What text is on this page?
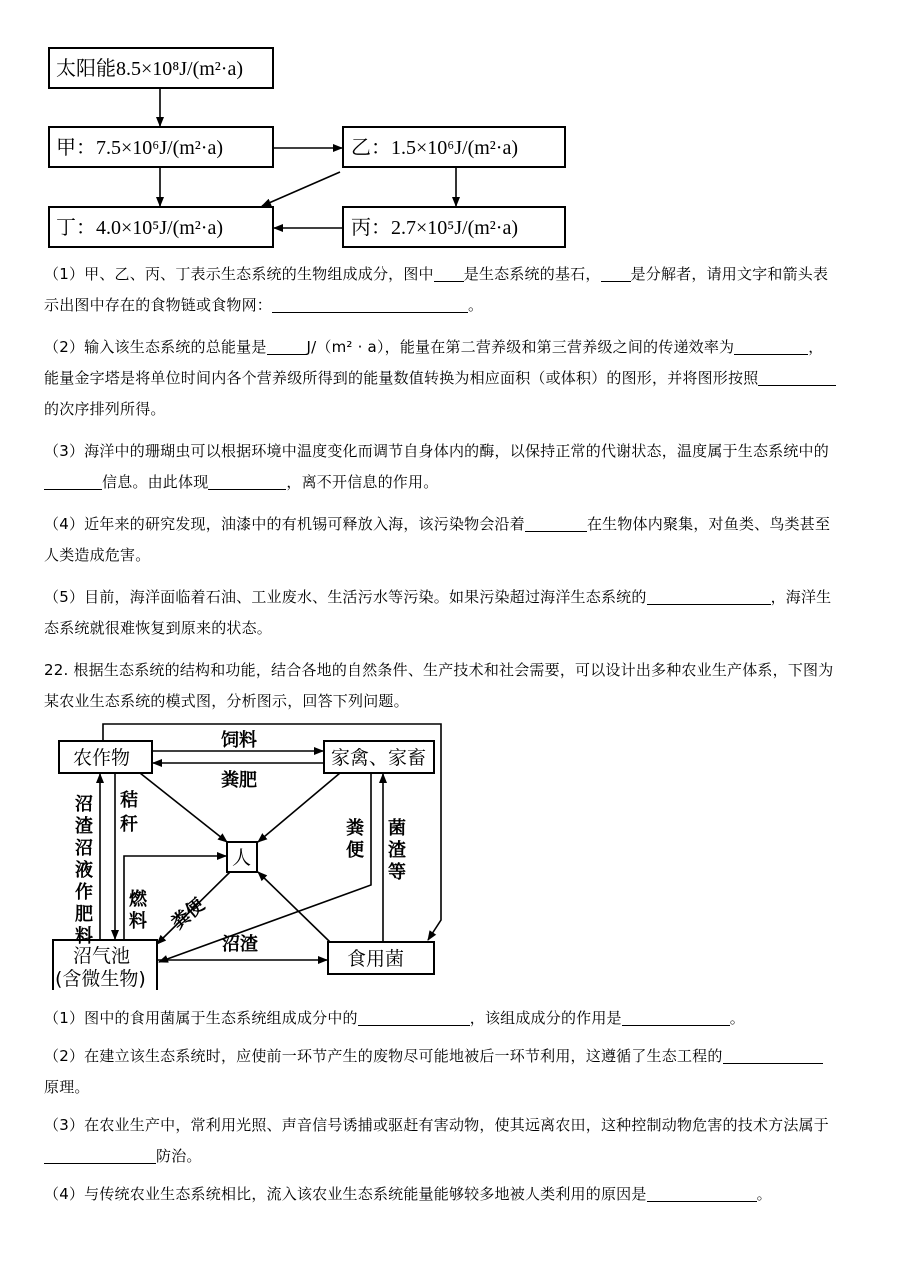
太阳能8.5×10⁸J/(m²·a)
甲：7.5×10⁶J/(m²·a)	乙：1.5×10⁶J/(m²·a)
丁：4.0×10⁵J/(m²·a)	丙：2.7×10⁵J/(m²·a)

（1）甲、乙、丙、丁表示生态系统的生物组成成分，图中 是生态系统的基石， 是分解者，请用文字和箭头表
示出图中存在的食物链或食物网：	。

（2）输入该生态系统的总能量是	J/（m² · a），能量在第二营养级和第三营养级之间的传递效率为	，
能量金字塔是将单位时间内各个营养级所得到的能量数值转换为相应面积（或体积）的图形，并将图形按照
的次序排列所得。

（3）海洋中的珊瑚虫可以根据环境中温度变化而调节自身体内的酶，以保持正常的代谢状态，温度属于生态系统中的
信息。由此体现	，离不开信息的作用。

（4）近年来的研究发现，油漆中的有机锡可释放入海，该污染物会沿着	在生物体内聚集，对鱼类、鸟类甚至
人类造成危害。

（5）目前，海洋面临着石油、工业废水、生活污水等污染。如果污染超过海洋生态系统的	，海洋生
态系统就很难恢复到原来的状态。

22. 根据生态系统的结构和功能，结合各地的自然条件、生产技术和社会需要，可以设计出多种农业生产体系，下图为
某农业生态系统的模式图，分析图示，回答下列问题。

农作物	家禽、家畜
人
沼气池
(含微生物)
食用菌
饲料
粪肥
秸
秆
沼
渣
沼
液
作
肥
料
燃
料 粪便
粪
便
菌
渣
等
沼渣

（1）图中的食用菌属于生态系统组成成分中的	，该组成成分的作用是	。

（2）在建立该生态系统时，应使前一环节产生的废物尽可能地被后一环节利用，这遵循了生态工程的
原理。

（3）在农业生产中，常利用光照、声音信号诱捕或驱赶有害动物，使其远离农田，这种控制动物危害的技术方法属于
防治。

（4）与传统农业生态系统相比，流入该农业生态系统能量能够较多地被人类利用的原因是	。
